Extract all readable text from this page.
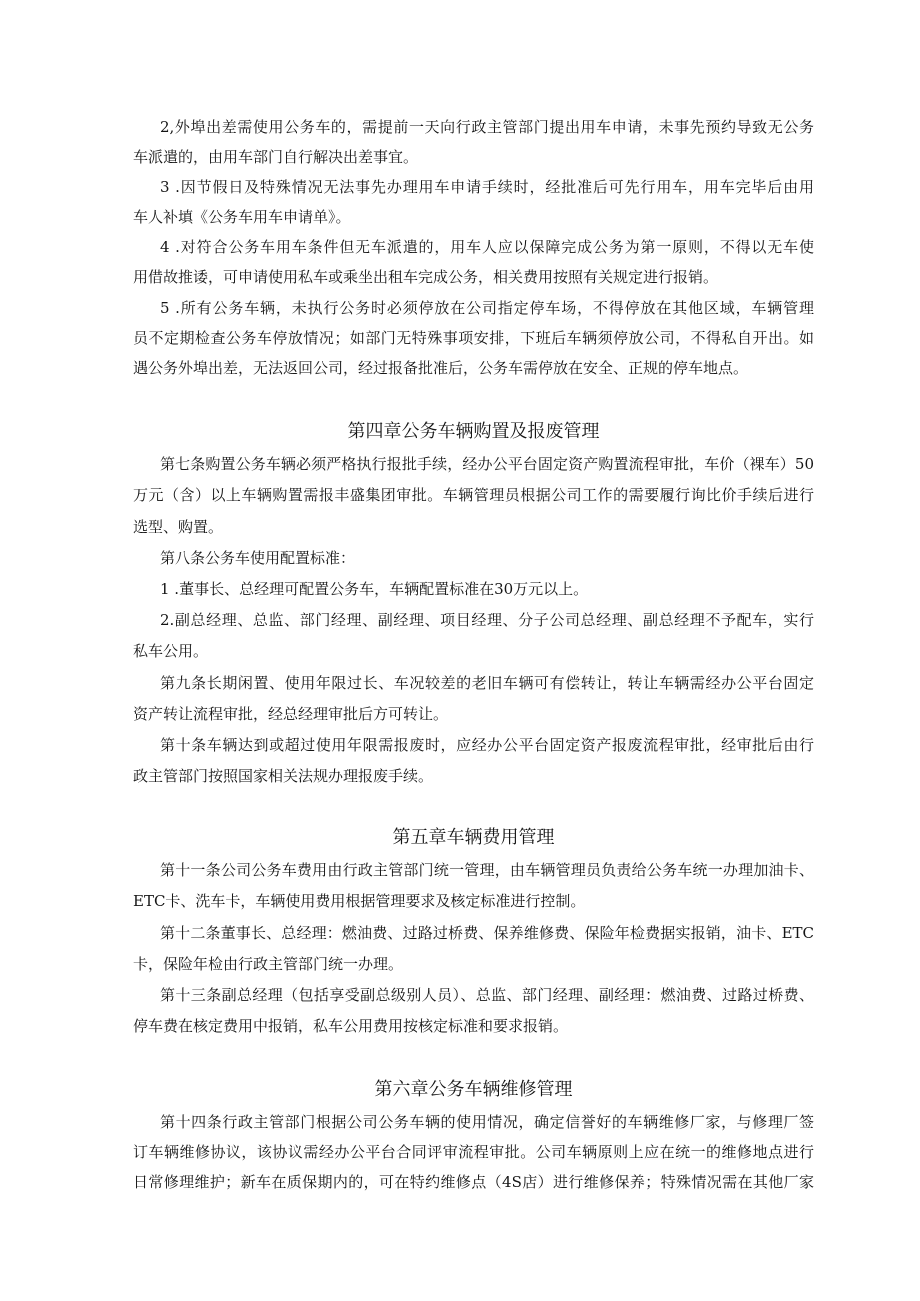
2,外埠出差需使用公务车的，需提前一天向行政主管部门提出用车申请，未事先预约导致无公务
车派遣的，由用车部门自行解决出差事宜。
3 .因节假日及特殊情况无法事先办理用车申请手续时，经批准后可先行用车，用车完毕后由用
车人补填《公务车用车申请单》。
4 .对符合公务车用车条件但无车派遣的，用车人应以保障完成公务为第一原则，不得以无车使
用借故推诿，可申请使用私车或乘坐出租车完成公务，相关费用按照有关规定进行报销。
5 .所有公务车辆，未执行公务时必须停放在公司指定停车场，不得停放在其他区域，车辆管理
员不定期检查公务车停放情况；如部门无特殊事项安排，下班后车辆须停放公司，不得私自开出。如
遇公务外埠出差，无法返回公司，经过报备批准后，公务车需停放在安全、正规的停车地点。
第四章公务车辆购置及报废管理
第七条购置公务车辆必须严格执行报批手续，经办公平台固定资产购置流程审批，车价（裸车）50
万元（含）以上车辆购置需报丰盛集团审批。车辆管理员根据公司工作的需要履行询比价手续后进行
选型、购置。
第八条公务车使用配置标准：
1 .董事长、总经理可配置公务车，车辆配置标准在30万元以上。
2.副总经理、总监、部门经理、副经理、项目经理、分子公司总经理、副总经理不予配车，实行
私车公用。
第九条长期闲置、使用年限过长、车况较差的老旧车辆可有偿转让，转让车辆需经办公平台固定
资产转让流程审批，经总经理审批后方可转让。
第十条车辆达到或超过使用年限需报废时，应经办公平台固定资产报废流程审批，经审批后由行
政主管部门按照国家相关法规办理报废手续。
第五章车辆费用管理
第十一条公司公务车费用由行政主管部门统一管理，由车辆管理员负责给公务车统一办理加油卡、
ETC卡、洗车卡，车辆使用费用根据管理要求及核定标准进行控制。
第十二条董事长、总经理：燃油费、过路过桥费、保养维修费、保险年检费据实报销，油卡、ETC
卡，保险年检由行政主管部门统一办理。
第十三条副总经理（包括享受副总级别人员）、总监、部门经理、副经理：燃油费、过路过桥费、
停车费在核定费用中报销，私车公用费用按核定标准和要求报销。
第六章公务车辆维修管理
第十四条行政主管部门根据公司公务车辆的使用情况，确定信誉好的车辆维修厂家，与修理厂签
订车辆维修协议，该协议需经办公平台合同评审流程审批。公司车辆原则上应在统一的维修地点进行
日常修理维护；新车在质保期内的，可在特约维修点（4S店）进行维修保养；特殊情况需在其他厂家
